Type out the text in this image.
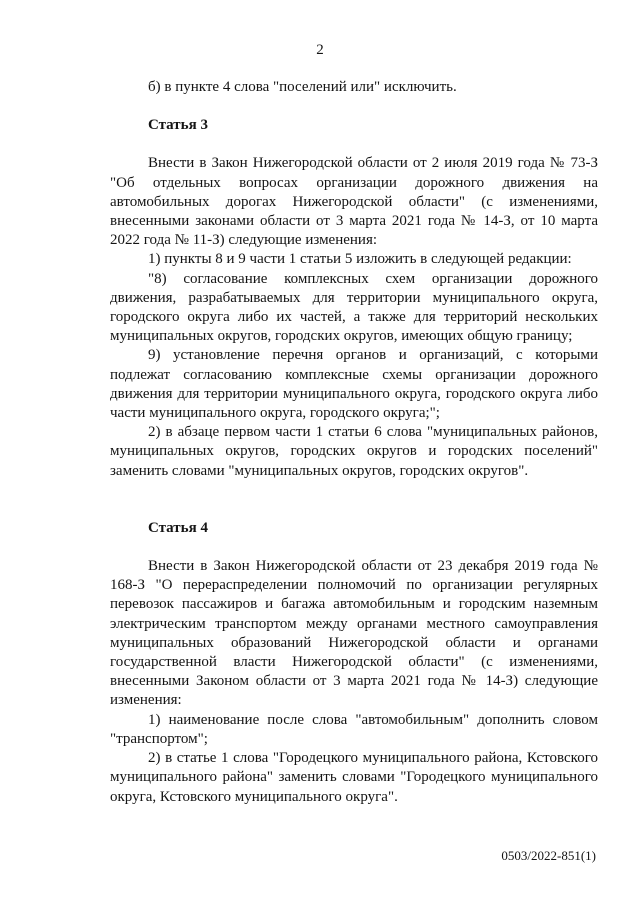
2

б) в пункте 4 слова "поселений или" исключить.

Статья 3

Внести в Закон Нижегородской области от 2 июля 2019 года № 73-З "Об отдельных вопросах организации дорожного движения на автомобильных дорогах Нижегородской области" (с изменениями, внесенными законами области от 3 марта 2021 года № 14-З, от 10 марта 2022 года № 11-З) следующие изменения:

1) пункты 8 и 9 части 1 статьи 5 изложить в следующей редакции:

"8) согласование комплексных схем организации дорожного движения, разрабатываемых для территории муниципального округа, городского округа либо их частей, а также для территорий нескольких муниципальных округов, городских округов, имеющих общую границу;

9) установление перечня органов и организаций, с которыми подлежат согласованию комплексные схемы организации дорожного движения для территории муниципального округа, городского округа либо части муниципального округа, городского округа;";

2) в абзаце первом части 1 статьи 6 слова "муниципальных районов, муниципальных округов, городских округов и городских поселений" заменить словами "муниципальных округов, городских округов".

Статья 4

Внести в Закон Нижегородской области от 23 декабря 2019 года № 168-З "О перераспределении полномочий по организации регулярных перевозок пассажиров и багажа автомобильным и городским наземным электрическим транспортом между органами местного самоуправления муниципальных образований Нижегородской области и органами государственной власти Нижегородской области" (с изменениями, внесенными Законом области от 3 марта 2021 года № 14-З) следующие изменения:

1) наименование после слова "автомобильным" дополнить словом "транспортом";

2) в статье 1 слова "Городецкого муниципального района, Кстовского муниципального района" заменить словами "Городецкого муниципального округа, Кстовского муниципального округа".

0503/2022-851(1)
